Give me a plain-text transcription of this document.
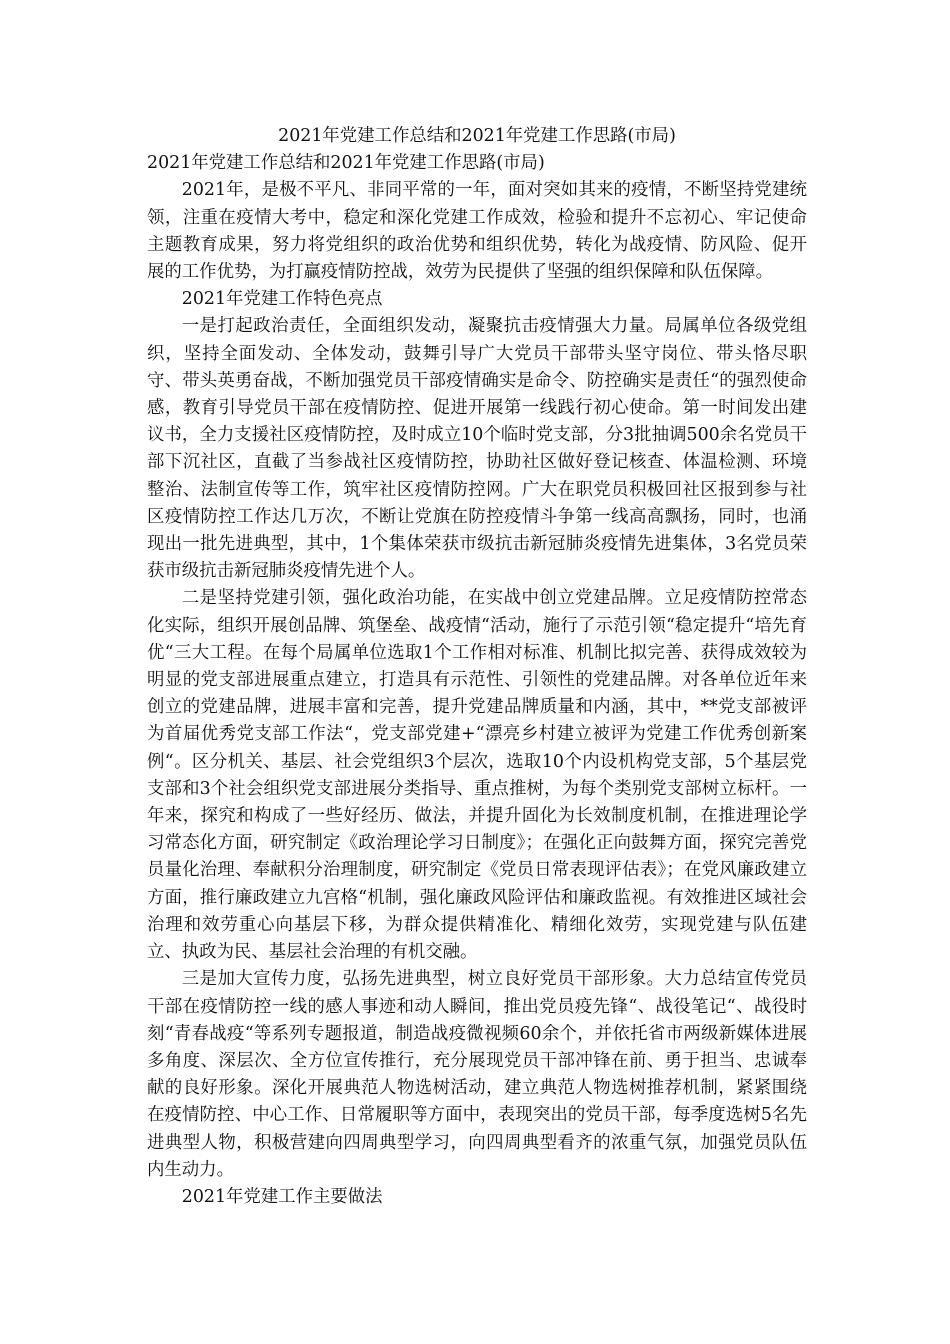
2021年党建工作总结和2021年党建工作思路(市局)

2021年党建工作总结和2021年党建工作思路(市局)

2021年，是极不平凡、非同平常的一年，面对突如其来的疫情，不断坚持党建统领，注重在疫情大考中，稳定和深化党建工作成效，检验和提升不忘初心、牢记使命主题教育成果，努力将党组织的政治优势和组织优势，转化为战疫情、防风险、促开展的工作优势，为打赢疫情防控战，效劳为民提供了坚强的组织保障和队伍保障。

2021年党建工作特色亮点

一是打起政治责任，全面组织发动，凝聚抗击疫情强大力量。局属单位各级党组织，坚持全面发动、全体发动，鼓舞引导广大党员干部带头坚守岗位、带头恪尽职守、带头英勇奋战，不断加强党员干部疫情确实是命令、防控确实是责任“的强烈使命感，教育引导党员干部在疫情防控、促进开展第一线践行初心使命。第一时间发出建议书，全力支援社区疫情防控，及时成立10个临时党支部，分3批抽调500余名党员干部下沉社区，直截了当参战社区疫情防控，协助社区做好登记核查、体温检测、环境整治、法制宣传等工作，筑牢社区疫情防控网。广大在职党员积极回社区报到参与社区疫情防控工作达几万次，不断让党旗在防控疫情斗争第一线高高飘扬，同时，也涌现出一批先进典型，其中，1个集体荣获市级抗击新冠肺炎疫情先进集体，3名党员荣获市级抗击新冠肺炎疫情先进个人。

二是坚持党建引领，强化政治功能，在实战中创立党建品牌。立足疫情防控常态化实际，组织开展创品牌、筑堡垒、战疫情“活动，施行了示范引领“稳定提升“培先育优“三大工程。在每个局属单位选取1个工作相对标准、机制比拟完善、获得成效较为明显的党支部进展重点建立，打造具有示范性、引领性的党建品牌。对各单位近年来创立的党建品牌，进展丰富和完善，提升党建品牌质量和内涵，其中，**党支部被评为首届优秀党支部工作法“，党支部党建+“漂亮乡村建立被评为党建工作优秀创新案例“。区分机关、基层、社会党组织3个层次，选取10个内设机构党支部，5个基层党支部和3个社会组织党支部进展分类指导、重点推树，为每个类别党支部树立标杆。一年来，探究和构成了一些好经历、做法，并提升固化为长效制度机制，在推进理论学习常态化方面，研究制定《政治理论学习日制度》；在强化正向鼓舞方面，探究完善党员量化治理、奉献积分治理制度，研究制定《党员日常表现评估表》；在党风廉政建立方面，推行廉政建立九宫格“机制，强化廉政风险评估和廉政监视。有效推进区域社会治理和效劳重心向基层下移，为群众提供精准化、精细化效劳，实现党建与队伍建立、执政为民、基层社会治理的有机交融。

三是加大宣传力度，弘扬先进典型，树立良好党员干部形象。大力总结宣传党员干部在疫情防控一线的感人事迹和动人瞬间，推出党员疫先锋“、战役笔记“、战役时刻“青春战疫“等系列专题报道，制造战疫微视频60余个，并依托省市两级新媒体进展多角度、深层次、全方位宣传推行，充分展现党员干部冲锋在前、勇于担当、忠诚奉献的良好形象。深化开展典范人物选树活动，建立典范人物选树推荐机制，紧紧围绕在疫情防控、中心工作、日常履职等方面中，表现突出的党员干部，每季度选树5名先进典型人物，积极营建向四周典型学习，向四周典型看齐的浓重气氛，加强党员队伍内生动力。

2021年党建工作主要做法
